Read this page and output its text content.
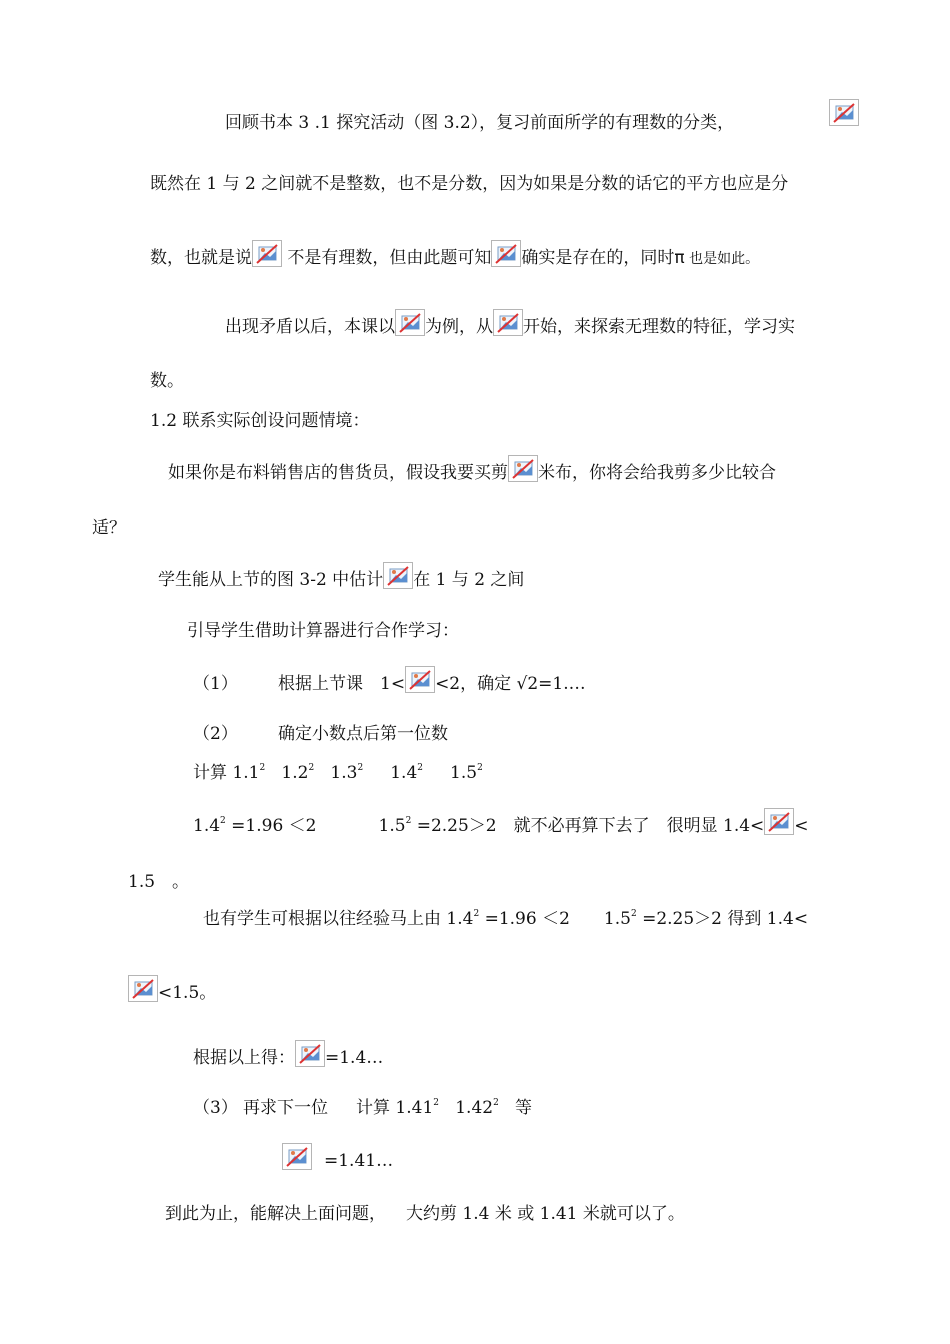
回顾书本 3 .1 探究活动（图 3.2），复习前面所学的有理数的分类，
既然在 1 与 2 之间就不是整数，也不是分数，因为如果是分数的话它的平方也应是分
数，也就是说
不是有理数，但由此题可知 确实是存在的，同时π 也是如此。
出现矛盾以后，本课以 为例，从 开始，来探索无理数的特征，学习实
数。
1.2 联系实际创设问题情境：
如果你是布料销售店的售货员，假设我要买剪 米布，你将会给我剪多少比较合
适？
学生能从上节的图 3-2 中估计 在 1 与 2 之间
引导学生借助计算器进行合作学习：
（1） 根据上节课　1< <2，确定 √2=1.…
（2） 确定小数点后第一位数
计算 $1.1^2$ $1.2^2$ $1.3^2$ $1.4^2$ $1.5^2$
$1.4^2 =1.96 <2$	$1.5^2 =2.25>2$　就不必再算下去了　很明显 1.4< <
1.5　。
也有学生可根据以往经验马上由 $1.4^2 =1.96 <2$　　$1.5^2 =2.25>2$ 得到 1.4<
<1.5。
根据以上得： =1.4…
（3） 再求下一位 计算 1.41$^2$ 1.42$^2$ 等
=1.41…
到此为止，能解决上面问题， 大约剪 1.4 米 或 1.41 米就可以了。
